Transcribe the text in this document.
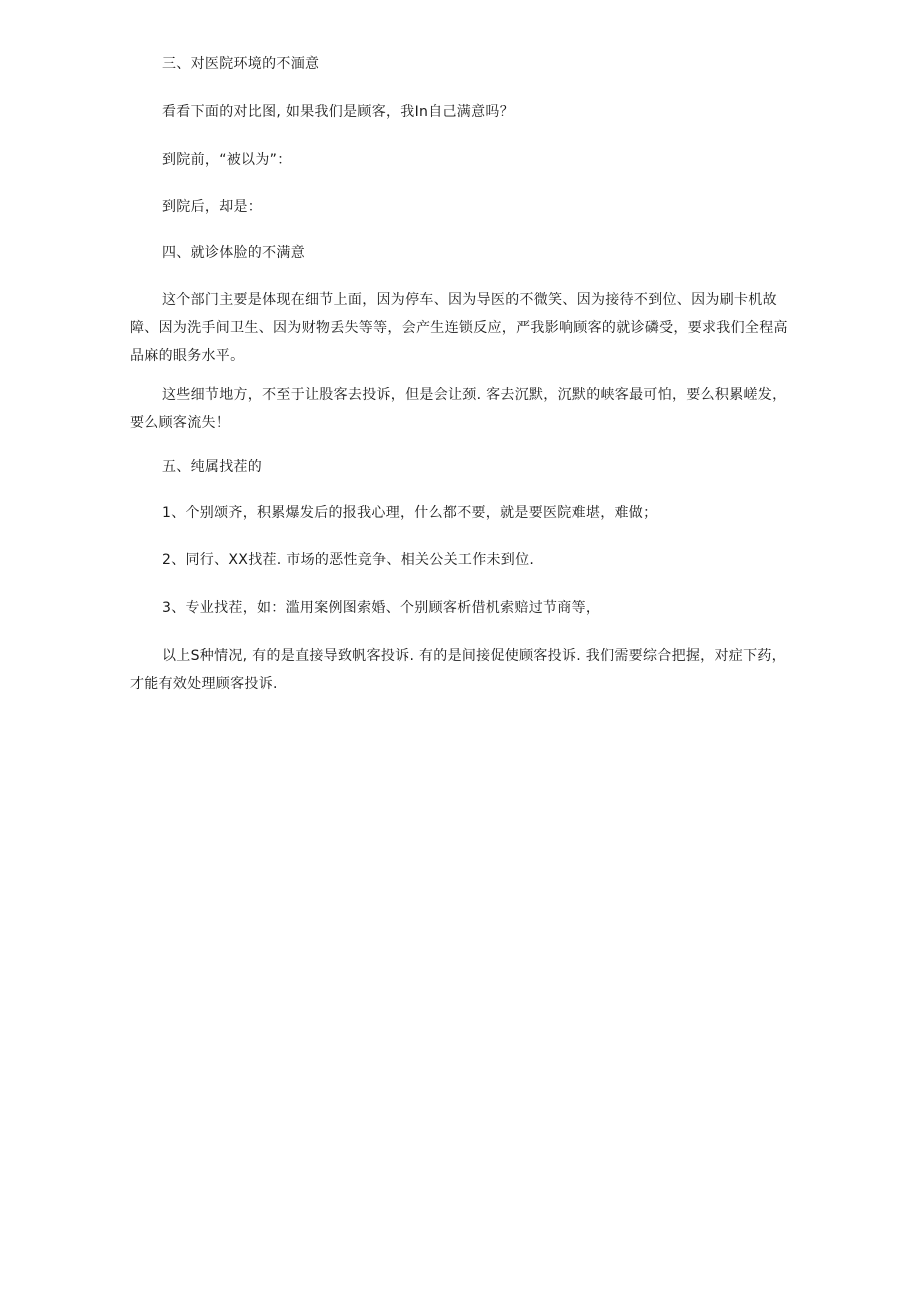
三、对医院环境的不湎意

看看下面的对比图, 如果我们是顾客，我In自己满意吗？

到院前，“被以为”：

到院后，却是：

四、就诊体脸的不满意

这个部门主要是体现在细节上面，因为停车、因为导医的不微笑、因为接待不到位、因为刷卡机故障、因为洗手间卫生、因为财物丢失等等，会产生连锁反应，严我影响顾客的就诊磷受，要求我们全程高品麻的眼务水平。

这些细节地方，不至于让股客去投诉，但是会让颈. 客去沉默，沉默的峡客最可怕，要么积累嵯发，要么顾客流失！

五、纯属找茬的

1、个别颂齐，积累爆发后的报我心理，什么都不要，就是要医院难堪，难做；

2、同行、XX找茬. 市场的恶性竞争、相关公关工作未到位.

3、专业找茬，如：滥用案例图索婚、个别顾客析借机索赔过节商等，

以上S种情况, 有的是直接导致帆客投诉. 有的是间接促使顾客投诉. 我们需要综合把握，对症下药，才能有效处理顾客投诉.
